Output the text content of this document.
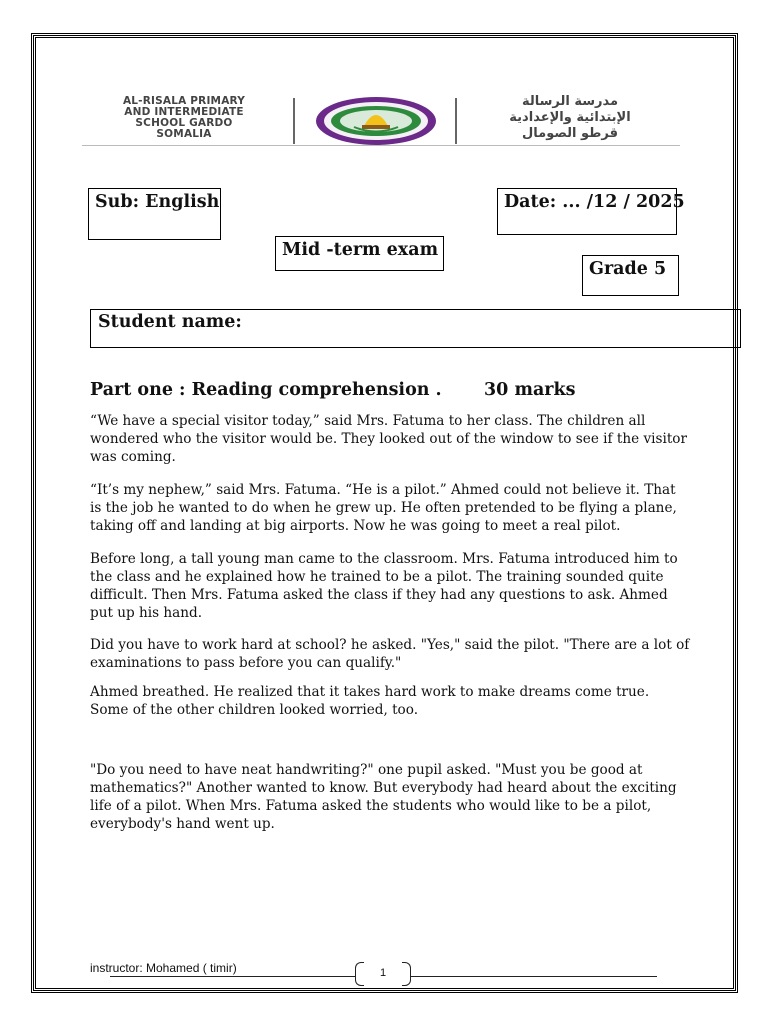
AL-RISALA PRIMARY
AND INTERMEDIATE
SCHOOL GARDO
SOMALIA
مدرسة الرسالة
الإبتدائية والإعدادية
قرطو الصومال
Sub: English	Date: ... /12 / 2025
Mid -term exam
Grade 5
Student name:
Part one : Reading comprehension . 30 marks

“We have a special visitor today,” said Mrs. Fatuma to her class. The children all wondered who the visitor would be. They looked out of the window to see if the visitor was coming.

“It’s my nephew,” said Mrs. Fatuma. “He is a pilot.” Ahmed could not believe it. That is the job he wanted to do when he grew up. He often pretended to be flying a plane, taking off and landing at big airports. Now he was going to meet a real pilot.

Before long, a tall young man came to the classroom. Mrs. Fatuma introduced him to the class and he explained how he trained to be a pilot. The training sounded quite difficult. Then Mrs. Fatuma asked the class if they had any questions to ask. Ahmed put up his hand.

Did you have to work hard at school? he asked. "Yes," said the pilot. "There are a lot of examinations to pass before you can qualify."

Ahmed breathed. He realized that it takes hard work to make dreams come true. Some of the other children looked worried, too.

"Do you need to have neat handwriting?" one pupil asked. "Must you be good at mathematics?" Another wanted to know. But everybody had heard about the exciting life of a pilot. When Mrs. Fatuma asked the students who would like to be a pilot, everybody's hand went up.

instructor: Mohamed ( timir)	1
